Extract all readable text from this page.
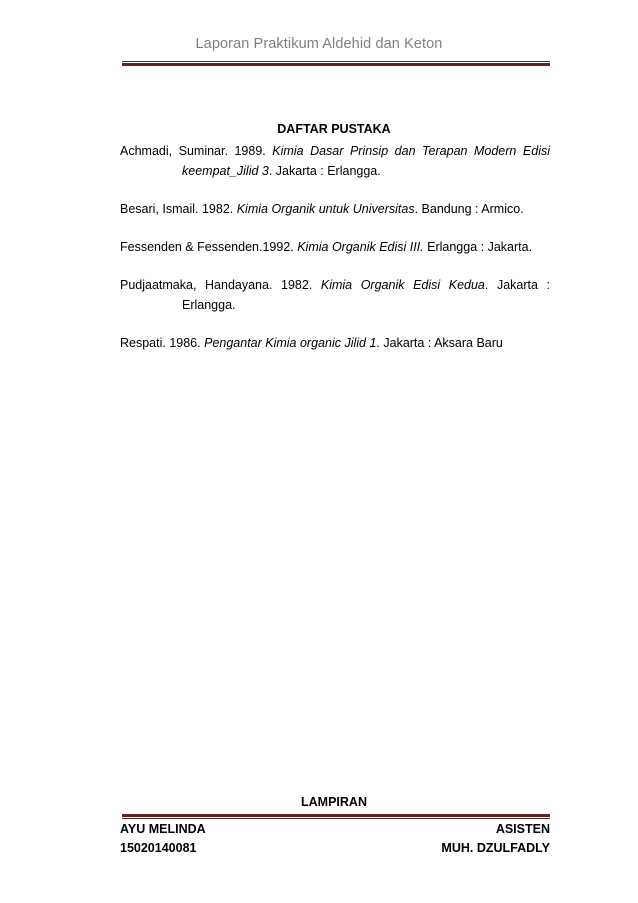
Laporan Praktikum Aldehid dan Keton
DAFTAR PUSTAKA

Achmadi, Suminar. 1989. Kimia Dasar Prinsip dan Terapan Modern Edisi keempat_Jilid 3. Jakarta : Erlangga.

Besari, Ismail. 1982. Kimia Organik untuk Universitas. Bandung : Armico.

Fessenden & Fessenden.1992. Kimia Organik Edisi III. Erlangga : Jakarta.

Pudjaatmaka, Handayana. 1982. Kimia Organik Edisi Kedua. Jakarta : Erlangga.

Respati. 1986. Pengantar Kimia organic Jilid 1. Jakarta : Aksara Baru

LAMPIRAN
AYU MELINDA	ASISTEN
15020140081	MUH. DZULFADLY
